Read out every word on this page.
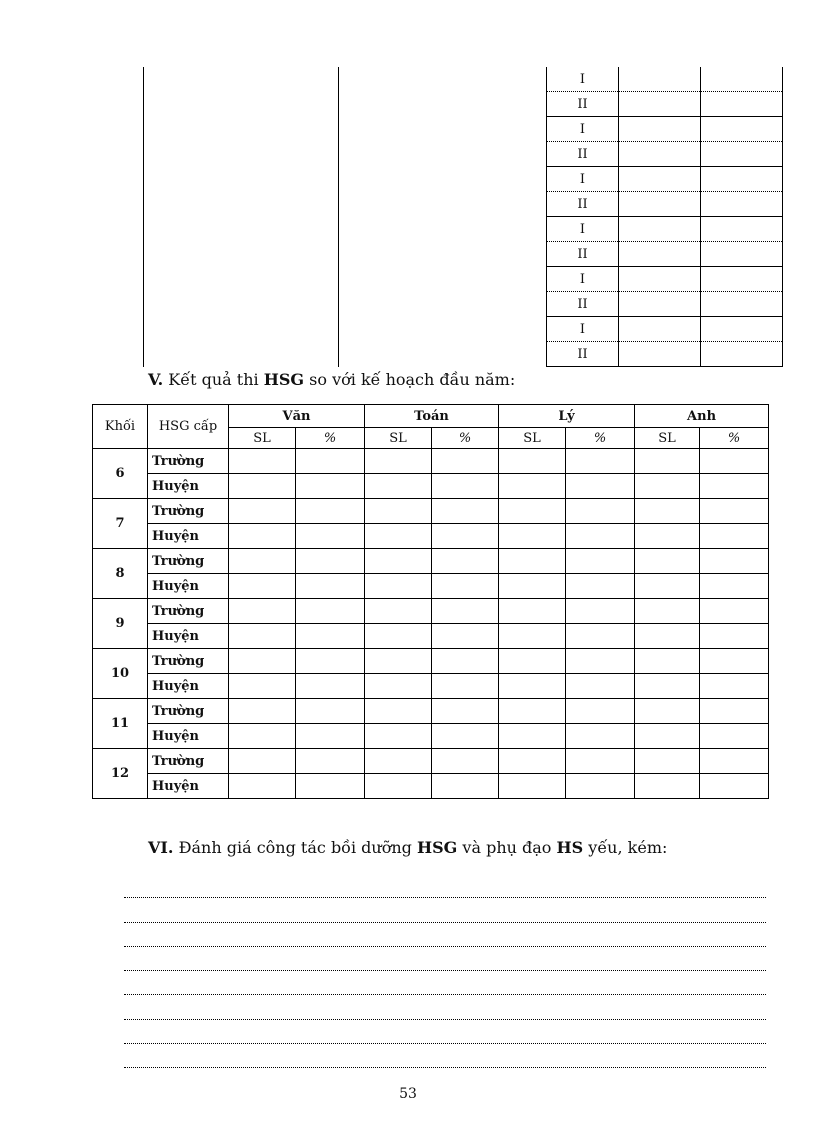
		I		
		II		
		I		
		II		
		I		
		II		
		I		
		II		
		I		
		II		
		I		
		II		
V. Kết quả thi HSG so với kế hoạch đầu năm:
Khối	HSG cấp	Văn		Toán		Lý		Anh	
		SL	%	SL	%	SL	%	SL	%
6	Trường								
	Huyện								
7	Trường								
	Huyện								
8	Trường								
	Huyện								
9	Trường								
	Huyện								
10	Trường								
	Huyện								
11	Trường								
	Huyện								
12	Trường								
	Huyện								
VI. Đánh giá công tác bồi dưỡng HSG và phụ đạo HS yếu, kém:
53
